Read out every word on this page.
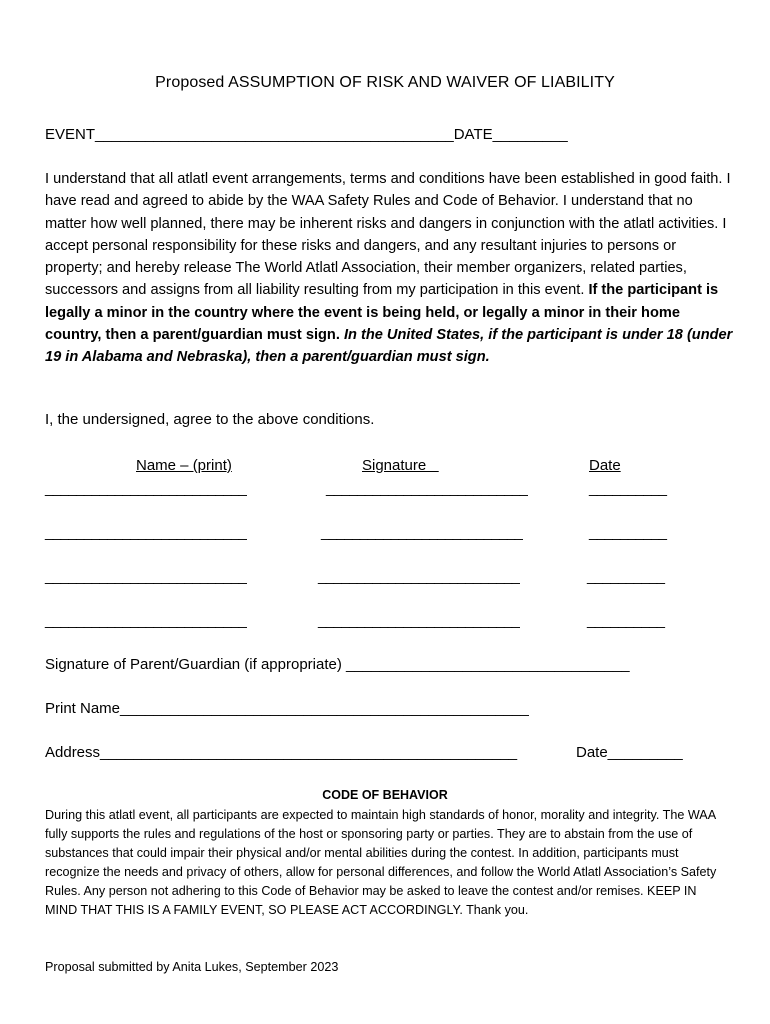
Proposed ASSUMPTION OF RISK AND WAIVER OF LIABILITY
EVENT___________________________________________DATE_________
I understand that all atlatl event arrangements, terms and conditions have been established in good faith. I have read and agreed to abide by the WAA Safety Rules and Code of Behavior. I understand that no matter how well planned, there may be inherent risks and dangers in conjunction with the atlatl activities. I accept personal responsibility for these risks and dangers, and any resultant injuries to persons or property; and hereby release The World Atlatl Association, their member organizers, related parties, successors and assigns from all liability resulting from my participation in this event. If the participant is legally a minor in the country where the event is being held, or legally a minor in their home country, then a parent/guardian must sign. In the United States, if the participant is under 18 (under 19 in Alabama and Nebraska), then a parent/guardian must sign.
I, the undersigned, agree to the above conditions.
Name – (print)	Signature	Date
__________________________	__________________________	__________
__________________________	__________________________	__________
__________________________	__________________________	__________
__________________________	__________________________	__________
Signature of Parent/Guardian (if appropriate) __________________________________
Print Name_________________________________________________
Address__________________________________________________	Date_________
CODE OF BEHAVIOR
During this atlatl event, all participants are expected to maintain high standards of honor, morality and integrity. The WAA fully supports the rules and regulations of the host or sponsoring party or parties. They are to abstain from the use of substances that could impair their physical and/or mental abilities during the contest. In addition, participants must recognize the needs and privacy of others, allow for personal differences, and follow the World Atlatl Association’s Safety Rules. Any person not adhering to this Code of Behavior may be asked to leave the contest and/or remises. KEEP IN MIND THAT THIS IS A FAMILY EVENT, SO PLEASE ACT ACCORDINGLY. Thank you.
Proposal submitted by Anita Lukes, September 2023
